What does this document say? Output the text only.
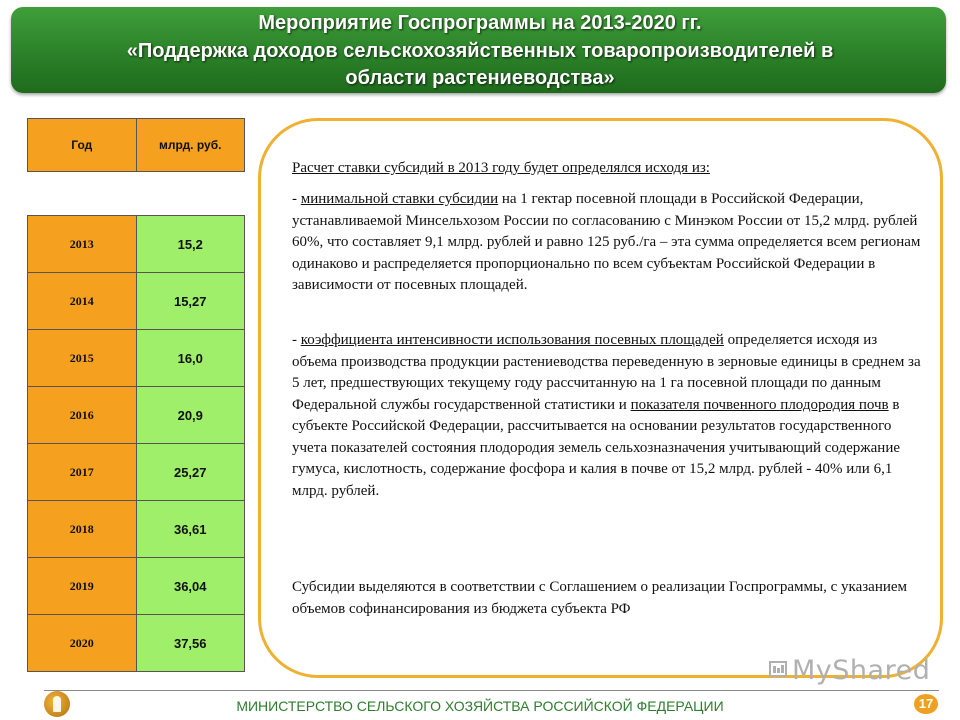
Мероприятие Госпрограммы на 2013-2020 гг.
«Поддержка доходов сельскохозяйственных товаропроизводителей в
области растениеводства»
Год	млрд. руб.

2013	15,2
2014	15,27
2015	16,0
2016	20,9
2017	25,27
2018	36,61
2019	36,04
2020	37,56

Расчет ставки субсидий в 2013 году будет определялся исходя из:

- минимальной ставки субсидии на 1 гектар посевной площади в Российской Федерации, устанавливаемой Минсельхозом России по согласованию с Минэком России от 15,2 млрд. рублей 60%, что составляет 9,1 млрд. рублей и равно 125 руб./га – эта сумма определяется всем регионам одинаково и распределяется пропорционально по всем субъектам Российской Федерации в зависимости от посевных площадей.

- коэффициента интенсивности использования посевных площадей определяется исходя из объема производства продукции растениеводства переведенную в зерновые единицы в среднем за 5 лет, предшествующих текущему году рассчитанную на 1 га посевной площади по данным Федеральной службы государственной статистики и показателя почвенного плодородия почв в субъекте Российской Федерации, рассчитывается на основании результатов государственного учета показателей состояния плодородия земель сельхозназначения учитывающий содержание гумуса, кислотность, содержание фосфора и калия в почве от 15,2 млрд. рублей - 40% или 6,1 млрд. рублей.

Субсидии выделяются в соответствии с Соглашением о реализации Госпрограммы, с указанием объемов софинансирования из бюджета субъекта РФ

MyShared
МИНИСТЕРСТВО СЕЛЬСКОГО ХОЗЯЙСТВА РОССИЙСКОЙ ФЕДЕРАЦИИ	17
